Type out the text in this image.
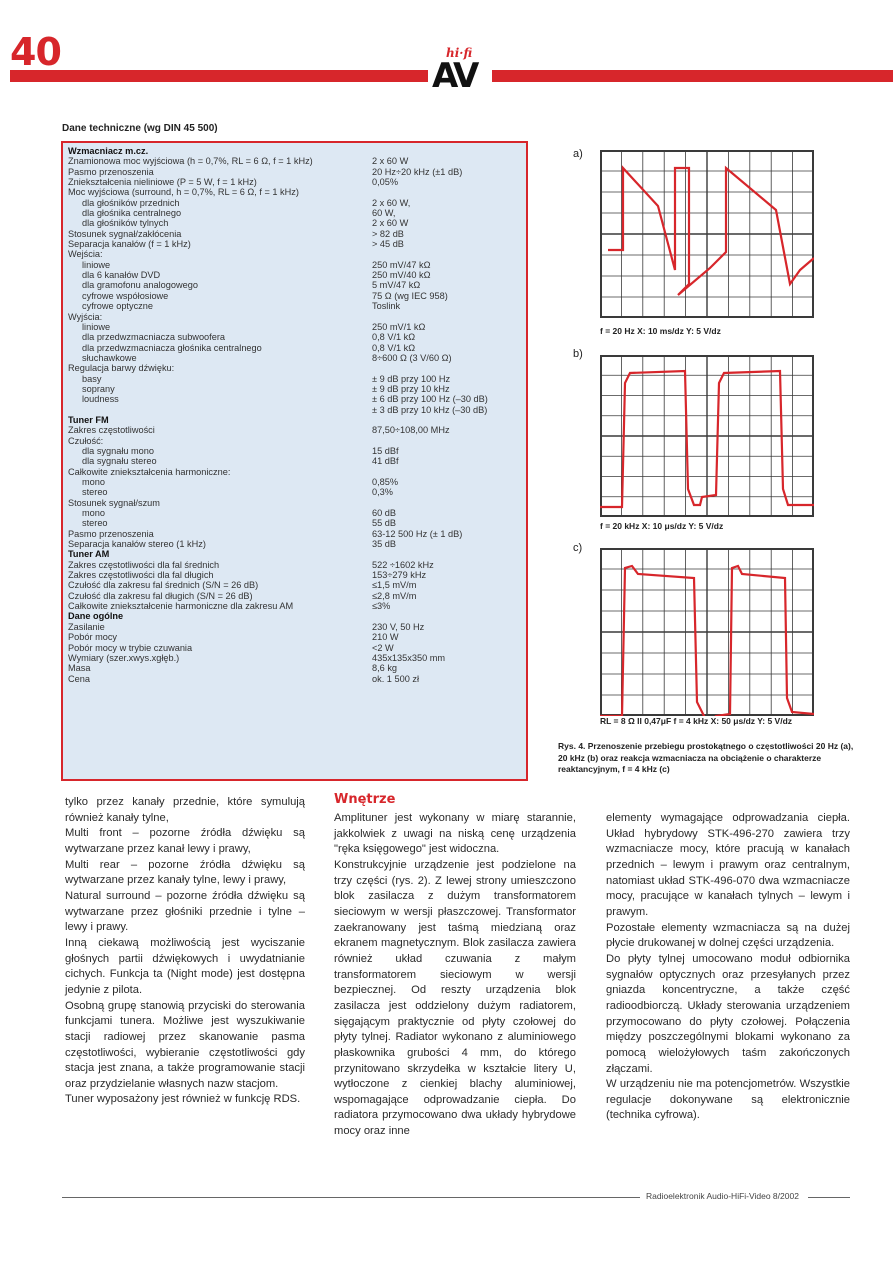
40	hi·fi
AV
Dane techniczne (wg DIN 45 500)
Wzmacniacz m.cz.
Znamionowa moc wyjściowa (h = 0,7%, RL = 6 Ω, f = 1 kHz)	2 x 60 W
Pasmo przenoszenia	20 Hz÷20 kHz (±1 dB)
Zniekształcenia nieliniowe (P = 5 W, f = 1 kHz)	0,05%
Moc wyjściowa (surround, h = 0,7%, RL = 6 Ω, f = 1 kHz)
dla głośników przednich	2 x 60 W,
dla głośnika centralnego	60 W,
dla głośników tylnych	2 x 60 W
Stosunek sygnał/zakłócenia	> 82 dB
Separacja kanałów (f = 1 kHz)	> 45 dB
Wejścia:
liniowe	250 mV/47 kΩ
dla 6 kanałów DVD	250 mV/40 kΩ
dla gramofonu analogowego	5 mV/47 kΩ
cyfrowe współosiowe	75 Ω (wg IEC 958)
cyfrowe optyczne	Toslink
Wyjścia:
liniowe	250 mV/1 kΩ
dla przedwzmacniacza subwoofera	0,8 V/1 kΩ
dla przedwzmacniacza głośnika centralnego	0,8 V/1 kΩ
słuchawkowe	8÷600 Ω (3 V/60 Ω)
Regulacja barwy dźwięku:
basy	± 9 dB przy 100 Hz
soprany	± 9 dB przy 10 kHz
loudness	± 6 dB przy 100 Hz (–30 dB)
± 3 dB przy 10 kHz (–30 dB)
Tuner FM
Zakres częstotliwości	87,50÷108,00 MHz
Czułość:
dla sygnału mono	15 dBf
dla sygnału stereo	41 dBf
Całkowite zniekształcenia harmoniczne:
mono	0,85%
stereo	0,3%
Stosunek sygnał/szum
mono	60 dB
stereo	55 dB
Pasmo przenoszenia	63-12 500 Hz (± 1 dB)
Separacja kanałów stereo (1 kHz)	35 dB
Tuner AM
Zakres częstotliwości dla fal średnich	522 ÷1602 kHz
Zakres częstotliwości dla fal długich	153÷279 kHz
Czułość dla zakresu fal średnich (S/N = 26 dB)	≤1,5 mV/m
Czułość dla zakresu fal długich (S/N = 26 dB)	≤2,8 mV/m
Całkowite zniekształcenie harmoniczne dla zakresu AM	≤3%
Dane ogólne
Zasilanie	230 V, 50 Hz
Pobór mocy	210 W
Pobór mocy w trybie czuwania	<2 W
Wymiary (szer.xwys.xgłęb.)	435x135x350 mm
Masa	8,6 kg
Cena	ok. 1 500 zł
a)
f = 20 Hz X: 10 ms/dz Y: 5 V/dz
b)
f = 20 kHz X: 10 μs/dz Y: 5 V/dz
c)
RL = 8 Ω II 0,47μF f = 4 kHz X: 50 μs/dz Y: 5 V/dz
Rys. 4. Przenoszenie przebiegu prostokątnego o częstotliwości 20 Hz (a), 20 kHz (b) oraz reakcja wzmacniacza na obciążenie o charakterze reaktancyjnym, f = 4 kHz (c)

tylko przez kanały przednie, które symulują również kanały tylne,

Multi front – pozorne źródła dźwięku są wytwarzane przez kanał lewy i prawy,

Multi rear – pozorne źródła dźwięku są wytwarzane przez kanały tylne, lewy i prawy,

Natural surround – pozorne źródła dźwięku są wytwarzane przez głośniki przednie i tylne – lewy i prawy.

Inną ciekawą możliwością jest wyciszanie głośnych partii dźwiękowych i uwydatnianie cichych. Funkcja ta (Night mode) jest dostępna jedynie z pilota.

Osobną grupę stanowią przyciski do sterowania funkcjami tunera. Możliwe jest wyszukiwanie stacji radiowej przez skanowanie pasma częstotliwości, wybieranie częstotliwości gdy stacja jest znana, a także programowanie stacji oraz przydzielanie własnych nazw stacjom.

Tuner wyposażony jest również w funkcję RDS.

Wnętrze

Amplituner jest wykonany w miarę starannie, jakkolwiek z uwagi na niską cenę urządzenia "ręka księgowego" jest widoczna.

Konstrukcyjnie urządzenie jest podzielone na trzy części (rys. 2). Z lewej strony umieszczono blok zasilacza z dużym transformatorem sieciowym w wersji płaszczowej. Transformator zaekranowany jest taśmą miedzianą oraz ekranem magnetycznym. Blok zasilacza zawiera również układ czuwania z małym transformatorem sieciowym w wersji bezpiecznej. Od reszty urządzenia blok zasilacza jest oddzielony dużym radiatorem, sięgającym praktycznie od płyty czołowej do płyty tylnej. Radiator wykonano z aluminiowego płaskownika grubości 4 mm, do którego przynitowano skrzydełka w kształcie litery U, wytłoczone z cienkiej blachy aluminiowej, wspomagające odprowadzanie ciepła. Do radiatora przymocowano dwa układy hybrydowe mocy oraz inne

elementy wymagające odprowadzania ciepła. Układ hybrydowy STK-496-270 zawiera trzy wzmacniacze mocy, które pracują w kanałach przednich – lewym i prawym oraz centralnym, natomiast układ STK-496-070 dwa wzmacniacze mocy, pracujące w kanałach tylnych – lewym i prawym.

Pozostałe elementy wzmacniacza są na dużej płycie drukowanej w dolnej części urządzenia.

Do płyty tylnej umocowano moduł odbiornika sygnałów optycznych oraz przesyłanych przez gniazda koncentryczne, a także część radioodbiorczą. Układy sterowania urządzeniem przymocowano do płyty czołowej. Połączenia między poszczególnymi blokami wykonano za pomocą wielożyłowych taśm zakończonych złączami.

W urządzeniu nie ma potencjometrów. Wszystkie regulacje dokonywane są elektronicznie (technika cyfrowa).

Radioelektronik Audio-HiFi-Video 8/2002
